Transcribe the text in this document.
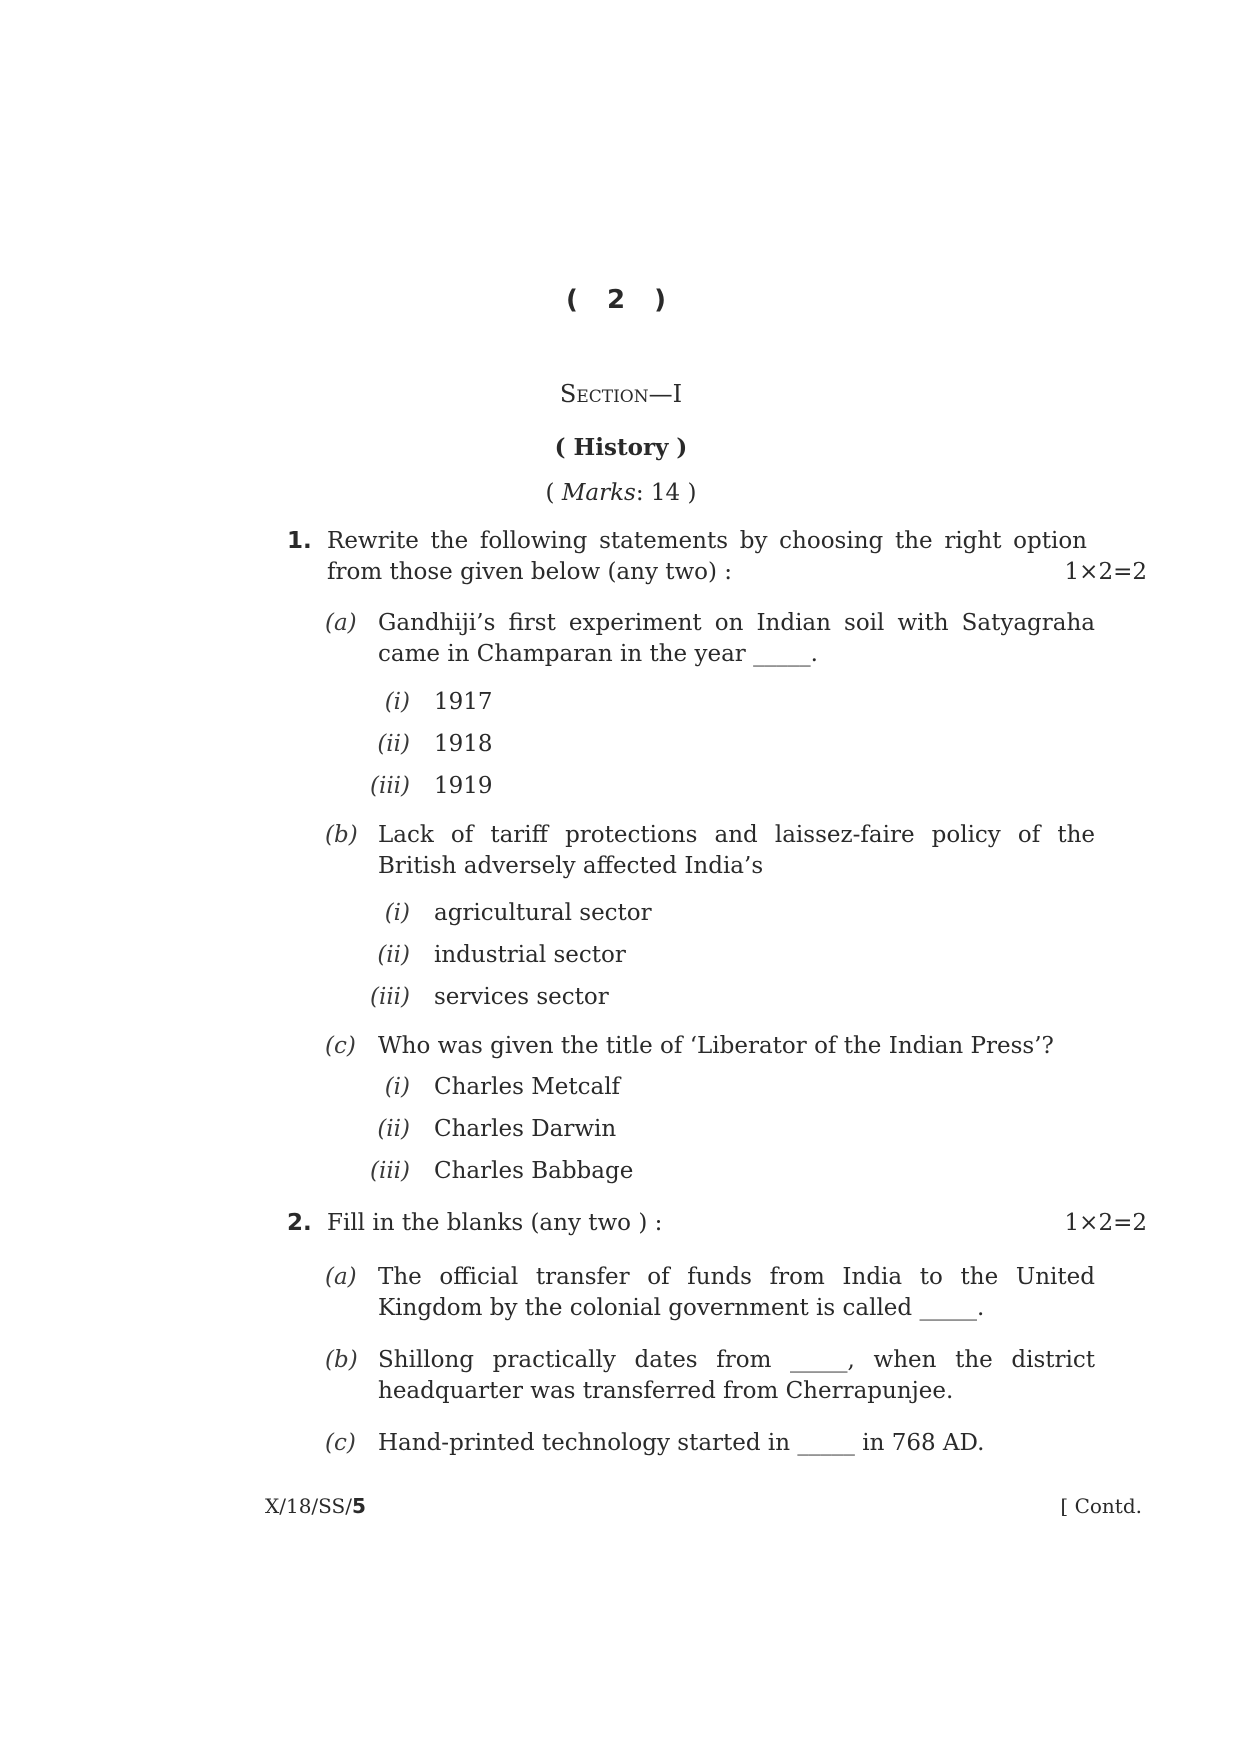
( 2 )
Section—I
( History )
( Marks: 14 )
1. Rewrite the following statements by choosing the right option
from those given below (any two) :	1×2=2
(a) Gandhiji’s first experiment on Indian soil with Satyagraha
came in Champaran in the year _____.
(i) 1917
(ii) 1918
(iii) 1919
(b) Lack of tariff protections and laissez-faire policy of the
British adversely affected India’s
(i) agricultural sector
(ii) industrial sector
(iii) services sector
(c) Who was given the title of ‘Liberator of the Indian Press’?
(i) Charles Metcalf
(ii) Charles Darwin
(iii) Charles Babbage
2. Fill in the blanks (any two ) :	1×2=2
(a) The official transfer of funds from India to the United
Kingdom by the colonial government is called _____.
(b) Shillong practically dates from _____, when the district
headquarter was transferred from Cherrapunjee.
(c) Hand-printed technology started in _____ in 768 AD.
X/18/SS/5	[ Contd.
